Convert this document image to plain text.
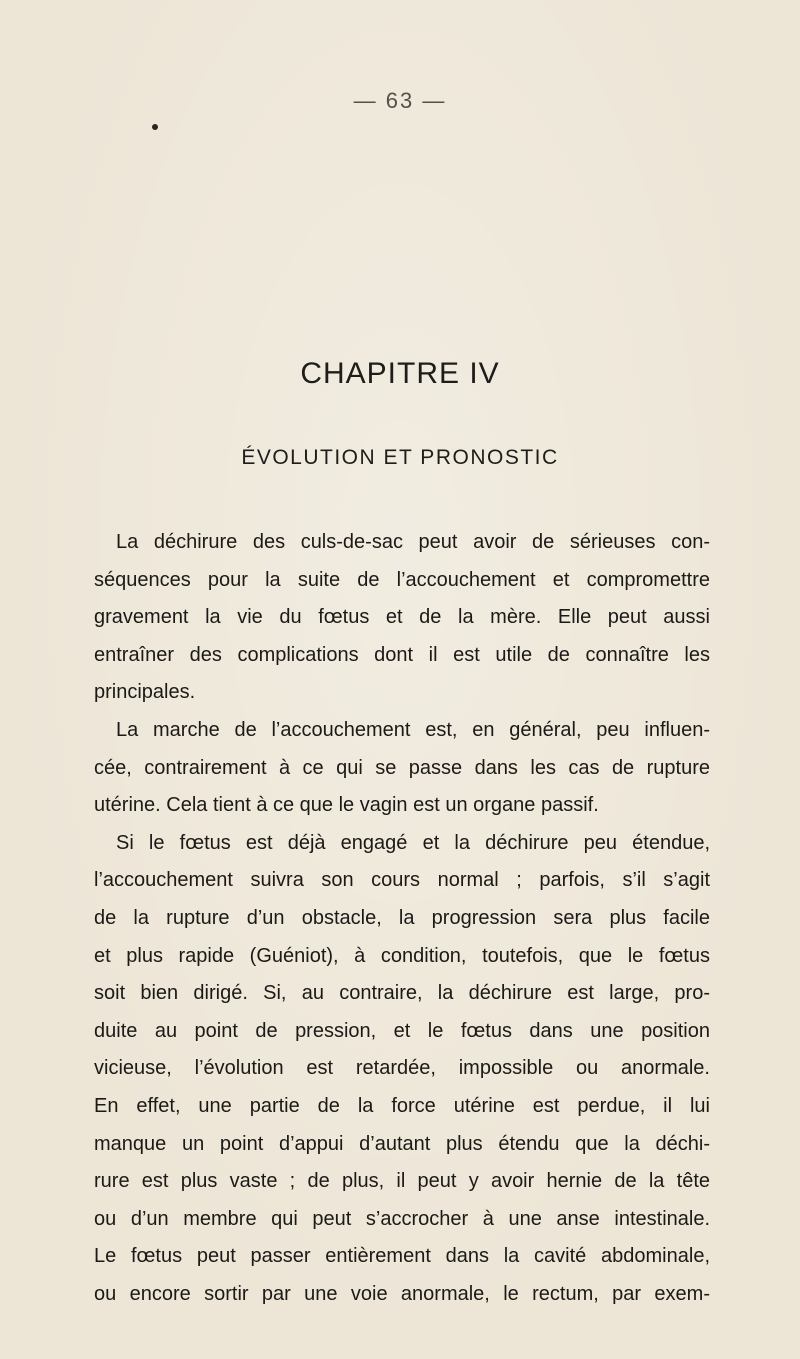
— 63 —
CHAPITRE IV
ÉVOLUTION ET PRONOSTIC
La déchirure des culs-de-sac peut avoir de sérieuses con-
séquences pour la suite de l’accouchement et compromettre
gravement la vie du fœtus et de la mère. Elle peut aussi
entraîner des complications dont il est utile de connaître les
principales.
La marche de l’accouchement est, en général, peu influen-
cée, contrairement à ce qui se passe dans les cas de rupture
utérine. Cela tient à ce que le vagin est un organe passif.
Si le fœtus est déjà engagé et la déchirure peu étendue,
l’accouchement suivra son cours normal ; parfois, s’il s’agit
de la rupture d’un obstacle, la progression sera plus facile
et plus rapide (Guéniot), à condition, toutefois, que le fœtus
soit bien dirigé. Si, au contraire, la déchirure est large, pro-
duite au point de pression, et le fœtus dans une position
vicieuse, l’évolution est retardée, impossible ou anormale.
En effet, une partie de la force utérine est perdue, il lui
manque un point d’appui d’autant plus étendu que la déchi-
rure est plus vaste ; de plus, il peut y avoir hernie de la tête
ou d’un membre qui peut s’accrocher à une anse intestinale.
Le fœtus peut passer entièrement dans la cavité abdominale,
ou encore sortir par une voie anormale, le rectum, par exem-
